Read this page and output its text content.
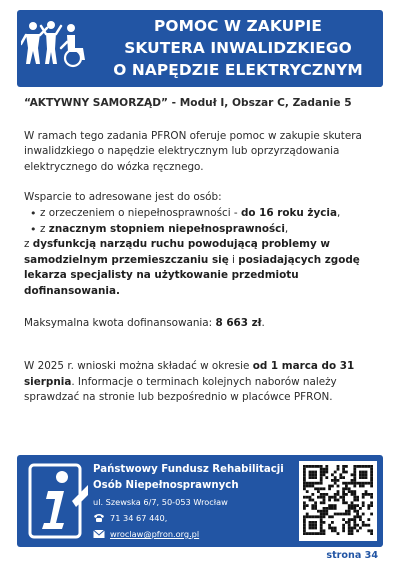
POMOC W ZAKUPIE
SKUTERA INWALIDZKIEGO
O NAPĘDZIE ELEKTRYCZNYM

“AKTYWNY SAMORZĄD” - Moduł I, Obszar C, Zadanie 5

W ramach tego zadania PFRON oferuje pomoc w zakupie skutera inwalidzkiego o napędzie elektrycznym lub oprzyrządowania elektrycznego do wózka ręcznego.

Wsparcie to adresowane jest do osób:

• z orzeczeniem o niepełnosprawności - do 16 roku życia,
• z znacznym stopniem niepełnosprawności,

z dysfunkcją narządu ruchu powodującą problemy w samodzielnym przemieszczaniu się i posiadających zgodę lekarza specjalisty na użytkowanie przedmiotu dofinansowania.

Maksymalna kwota dofinansowania: 8 663 zł.

W 2025 r. wnioski można składać w okresie od 1 marca do 31 sierpnia. Informacje o terminach kolejnych naborów należy sprawdzać na stronie lub bezpośrednio w placówce PFRON.

Państwowy Fundusz Rehabilitacji

Osób Niepełnosprawnych

ul. Szewska 6/7, 50-053 Wrocław

71 34 67 440,

wroclaw@pfron.org.pl

strona 34
